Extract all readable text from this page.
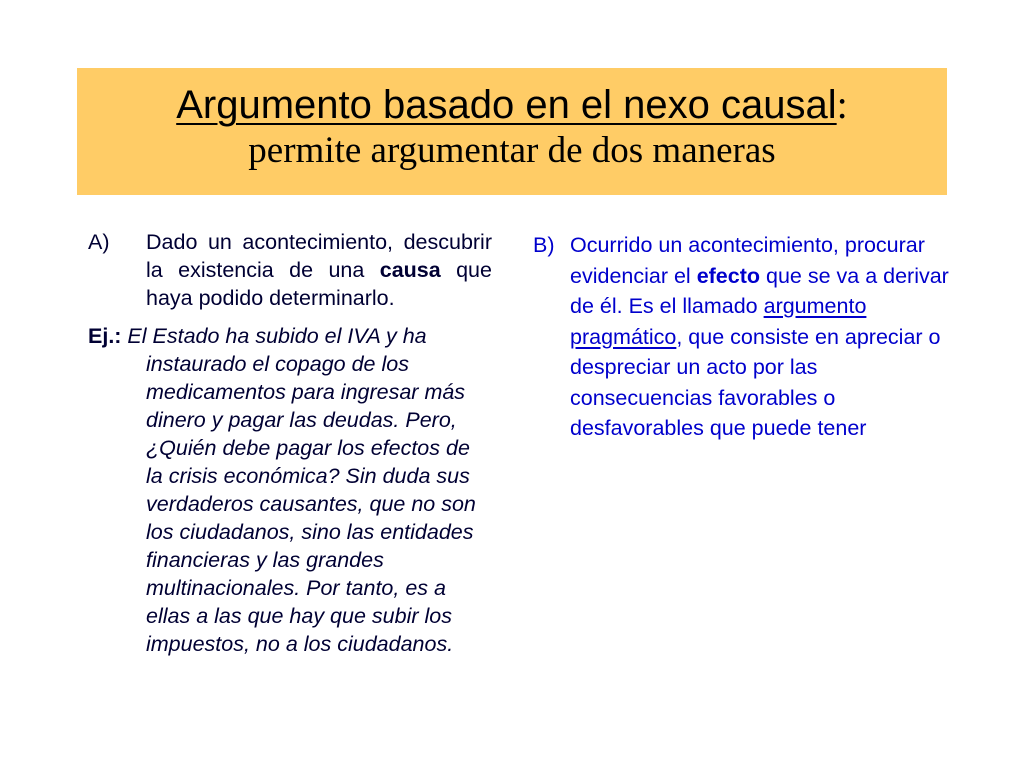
Argumento basado en el nexo causal:
permite argumentar de dos maneras
A) Dado un acontecimiento, descubrir la existencia de una causa que haya podido determinarlo.
Ej.: El Estado ha subido el IVA y ha instaurado el copago de los medicamentos para ingresar más dinero y pagar las deudas. Pero, ¿Quién debe pagar los efectos de la crisis económica? Sin duda sus verdaderos causantes, que no son los ciudadanos, sino las entidades financieras y las grandes multinacionales. Por tanto, es a ellas a las que hay que subir los impuestos, no a los ciudadanos.
B) Ocurrido un acontecimiento, procurar evidenciar el efecto que se va a derivar de él. Es el llamado argumento pragmático, que consiste en apreciar o despreciar un acto por las consecuencias favorables o desfavorables que puede tener
